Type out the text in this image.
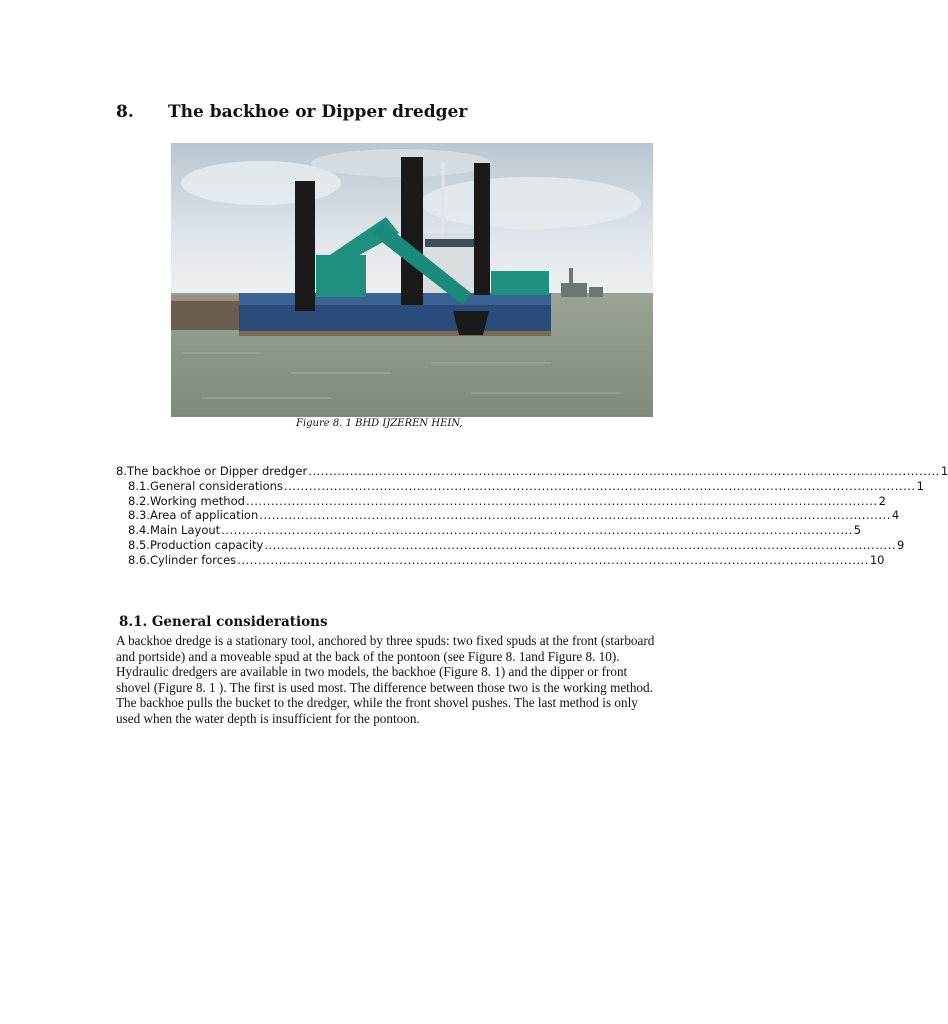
8. The backhoe or Dipper dredger
Figure 8. 1 BHD IJZEREN HEIN,
8. The backhoe or Dipper dredger ........................................................................................................................................................ 1
8.1. General considerations ........................................................................................................................................................ 1
8.2. Working method ........................................................................................................................................................ 2
8.3. Area of application ........................................................................................................................................................ 4
8.4. Main Layout ........................................................................................................................................................ 5
8.5. Production capacity ........................................................................................................................................................ 9
8.6. Cylinder forces ........................................................................................................................................................ 10
8.1. General considerations

A backhoe dredge is a stationary tool, anchored by three spuds: two fixed spuds at the front (starboard and portside) and a moveable spud at the back of the pontoon (see Figure 8. 1and Figure 8. 10).

Hydraulic dredgers are available in two models, the backhoe (Figure 8. 1) and the dipper or front shovel (Figure 8. 1 ). The first is used most. The difference between those two is the working method. The backhoe pulls the bucket to the dredger, while the front shovel pushes. The last method is only used when the water depth is insufficient for the pontoon.
